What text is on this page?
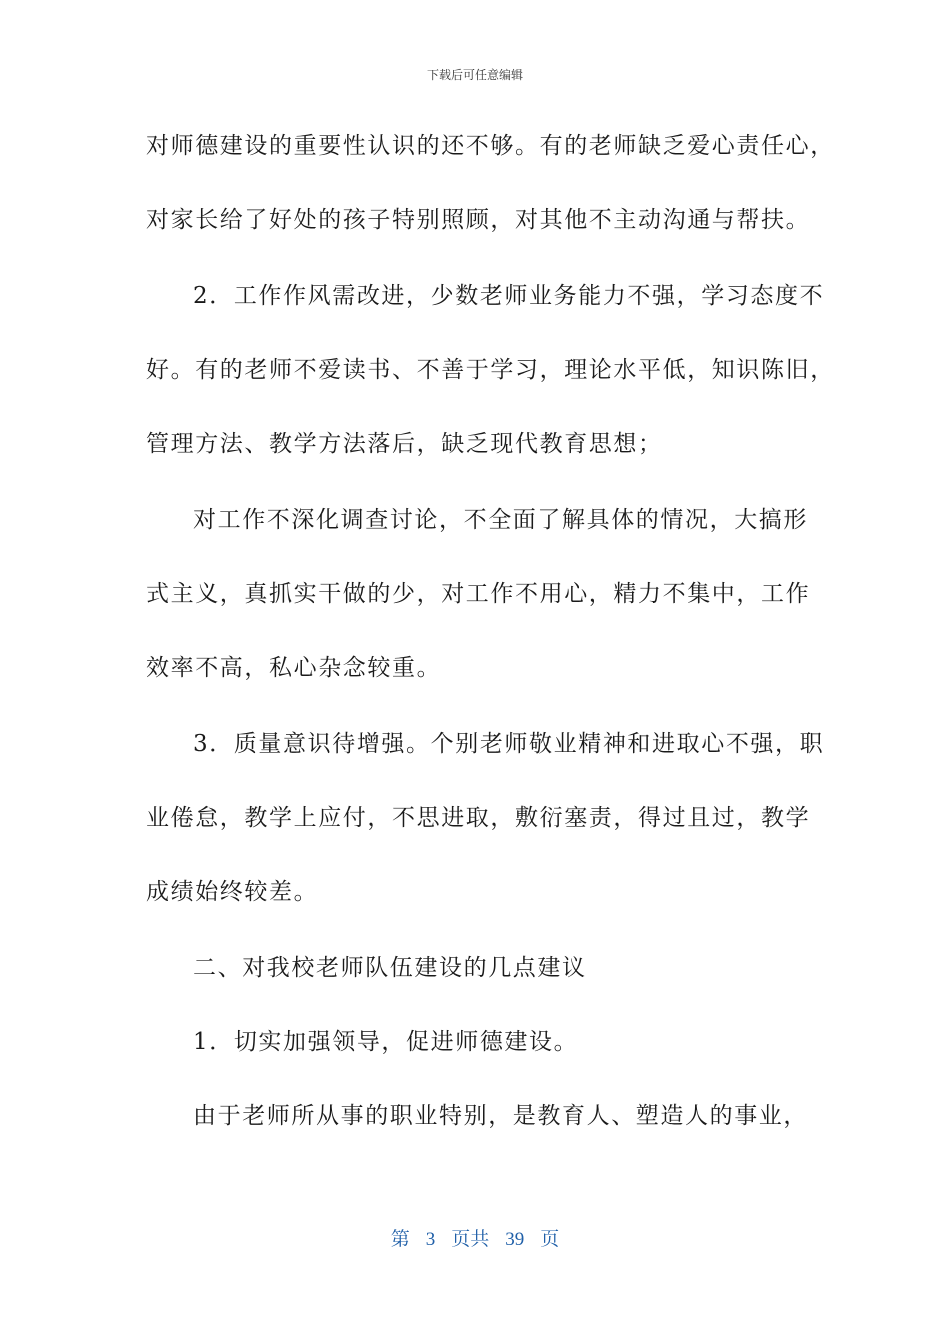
下载后可任意编辑
对师德建设的重要性认识的还不够。有的老师缺乏爱心责任心，
对家长给了好处的孩子特别照顾，对其他不主动沟通与帮扶。
2．工作作风需改进，少数老师业务能力不强，学习态度不
好。有的老师不爱读书、不善于学习，理论水平低，知识陈旧，
管理方法、教学方法落后，缺乏现代教育思想；
对工作不深化调查讨论，不全面了解具体的情况，大搞形
式主义，真抓实干做的少，对工作不用心，精力不集中，工作
效率不高，私心杂念较重。
3．质量意识待增强。个别老师敬业精神和进取心不强，职
业倦怠，教学上应付，不思进取，敷衍塞责，得过且过，教学
成绩始终较差。
二、对我校老师队伍建设的几点建议
1．切实加强领导，促进师德建设。
由于老师所从事的职业特别，是教育人、塑造人的事业，
第 3 页共 39 页
